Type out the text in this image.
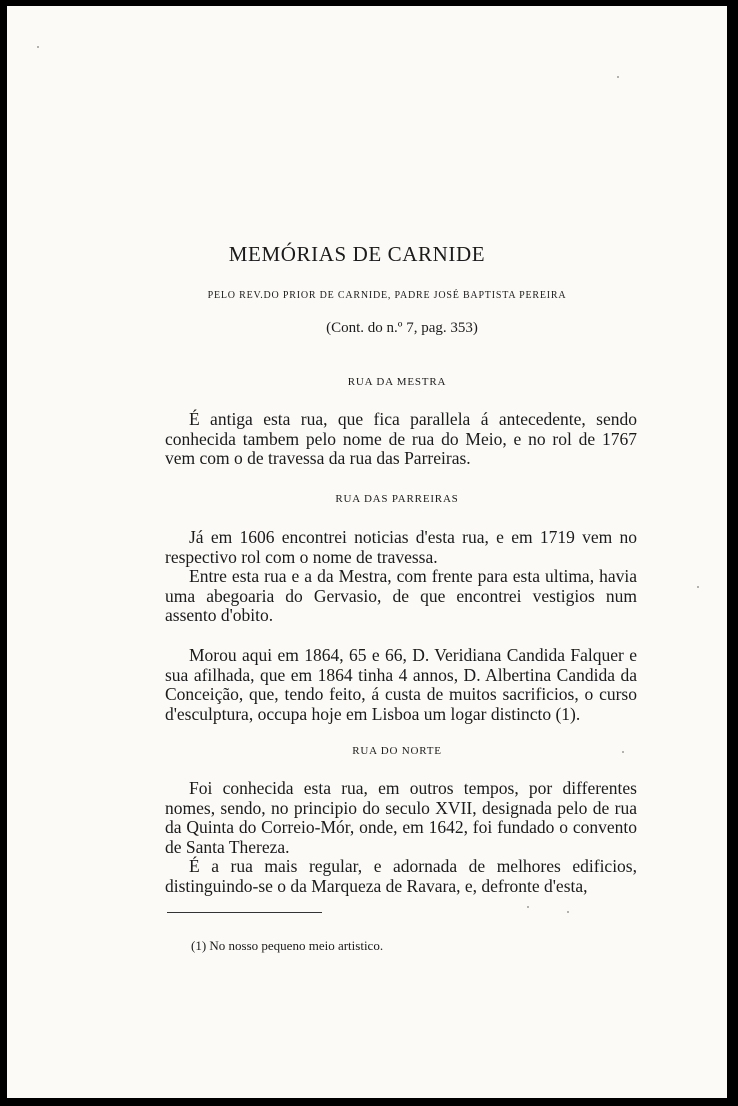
MEMÓRIAS DE CARNIDE
PELO REV.DO PRIOR DE CARNIDE, PADRE JOSÉ BAPTISTA PEREIRA
(Cont. do n.º 7, pag. 353)
RUA DA MESTRA

É antiga esta rua, que fica parallela á antecedente, sendo conhecida tambem pelo nome de rua do Meio, e no rol de 1767 vem com o de travessa da rua das Parreiras.

RUA DAS PARREIRAS

Já em 1606 encontrei noticias d'esta rua, e em 1719 vem no respectivo rol com o nome de travessa.

Entre esta rua e a da Mestra, com frente para esta ultima, havia uma abegoaria do Gervasio, de que encontrei vestigios num assento d'obito.

Morou aqui em 1864, 65 e 66, D. Veridiana Candida Falquer e sua afilhada, que em 1864 tinha 4 annos, D. Albertina Candida da Conceição, que, tendo feito, á custa de muitos sacrificios, o curso d'esculptura, occupa hoje em Lisboa um logar distincto (1).

RUA DO NORTE

Foi conhecida esta rua, em outros tempos, por differentes nomes, sendo, no principio do seculo XVII, designada pelo de rua da Quinta do Correio-Mór, onde, em 1642, foi fundado o convento de Santa Thereza.

É a rua mais regular, e adornada de melhores edificios, distinguindo-se o da Marqueza de Ravara, e, defronte d'esta,

(1) No nosso pequeno meio artistico.
